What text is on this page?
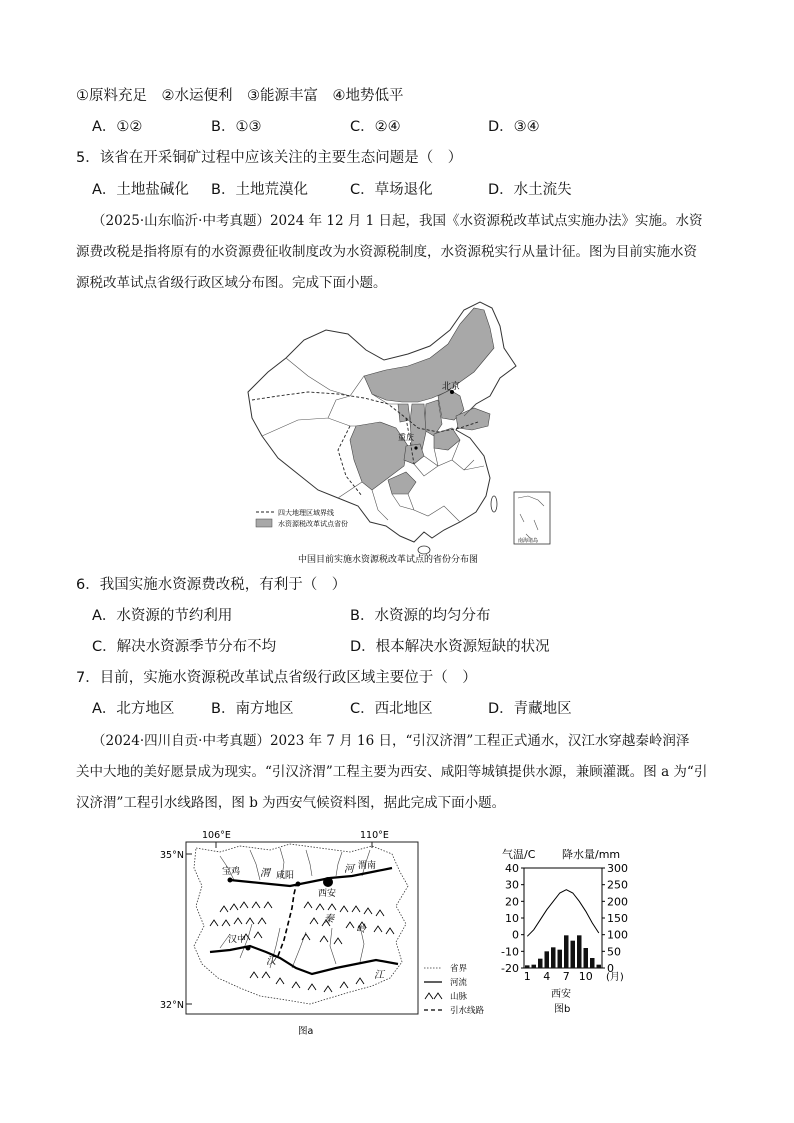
①原料充足　②水运便利　③能源丰富　④地势低平
A．①②	B．①③	C．②④	D．③④
5．该省在开采铜矿过程中应该关注的主要生态问题是（　）
A．土地盐碱化 B．土地荒漠化	C．草场退化	D．水土流失
（2025·山东临沂·中考真题）2024 年 12 月 1 日起，我国《水资源税改革试点实施办法》实施。水资
源费改税是指将原有的水资源费征收制度改为水资源税制度，水资源税实行从量计征。图为目前实施水资
源税改革试点省级行政区域分布图。完成下面小题。
北京
重庆
四大地理区域界线
水资源税改革试点省份
南海诸岛
中国目前实施水资源税改革试点的省份分布图
6．我国实施水资源费改税，有利于（　）
A．水资源的节约利用	B．水资源的均匀分布
C．解决水资源季节分布不均	D．根本解决水资源短缺的状况
7．目前，实施水资源税改革试点省级行政区域主要位于（　）
A．北方地区	B．南方地区	C．西北地区	D．青藏地区
（2024·四川自贡·中考真题）2023 年 7 月 16 日，“引汉济渭”工程正式通水，汉江水穿越秦岭润泽
关中大地的美好愿景成为现实。“引汉济渭”工程主要为西安、咸阳等城镇提供水源，兼顾灌溉。图 a 为“引
汉济渭”工程引水线路图，图 b 为西安气候资料图，据此完成下面小题。
106°E	110°E
35°N
32°N
宝鸡	咸阳
西安
汉中
渭	河 渭南
汉
江
秦
岭
省界
河流
山脉
引水线路
图a
气温/C 降水量/mm
40
30
20
10
0
-10
-20
300
250
200
150
100
50
0
1 4 7 10 (月)
西安
图b
